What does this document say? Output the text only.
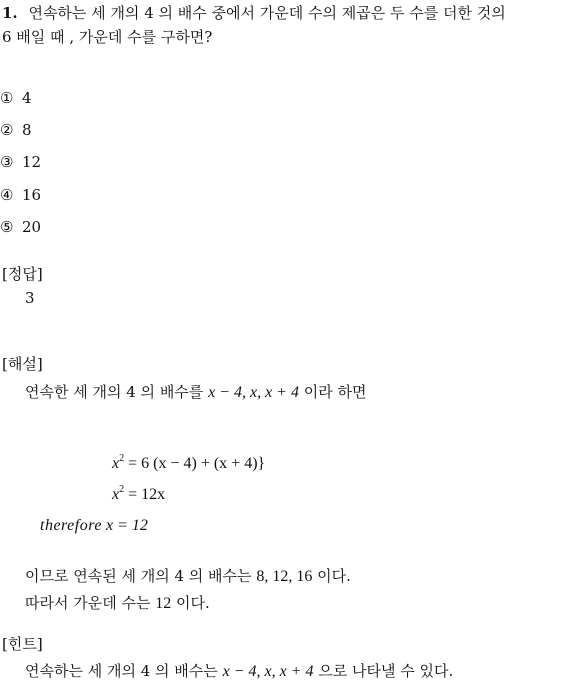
1. 연속하는 세 개의 4 의 배수 중에서 가운데 수의 제곱은 두 수를 더한 것의
6 배일 때 , 가운데 수를 구하면?
① 4
② 8
③ 12
④ 16
⑤ 20
[정답]
3
[해설]
연속한 세 개의 4 의 배수를 x − 4, x, x + 4 이라 하면
$x^2 = 6$ (x − 4) + (x + 4)}
$x^2 = 12x$
therefore x = 12
이므로 연속된 세 개의 4 의 배수는 8, 12, 16 이다.
따라서 가운데 수는 12 이다.
[힌트]
연속하는 세 개의 4 의 배수는 x − 4, x, x + 4 으로 나타낼 수 있다.
